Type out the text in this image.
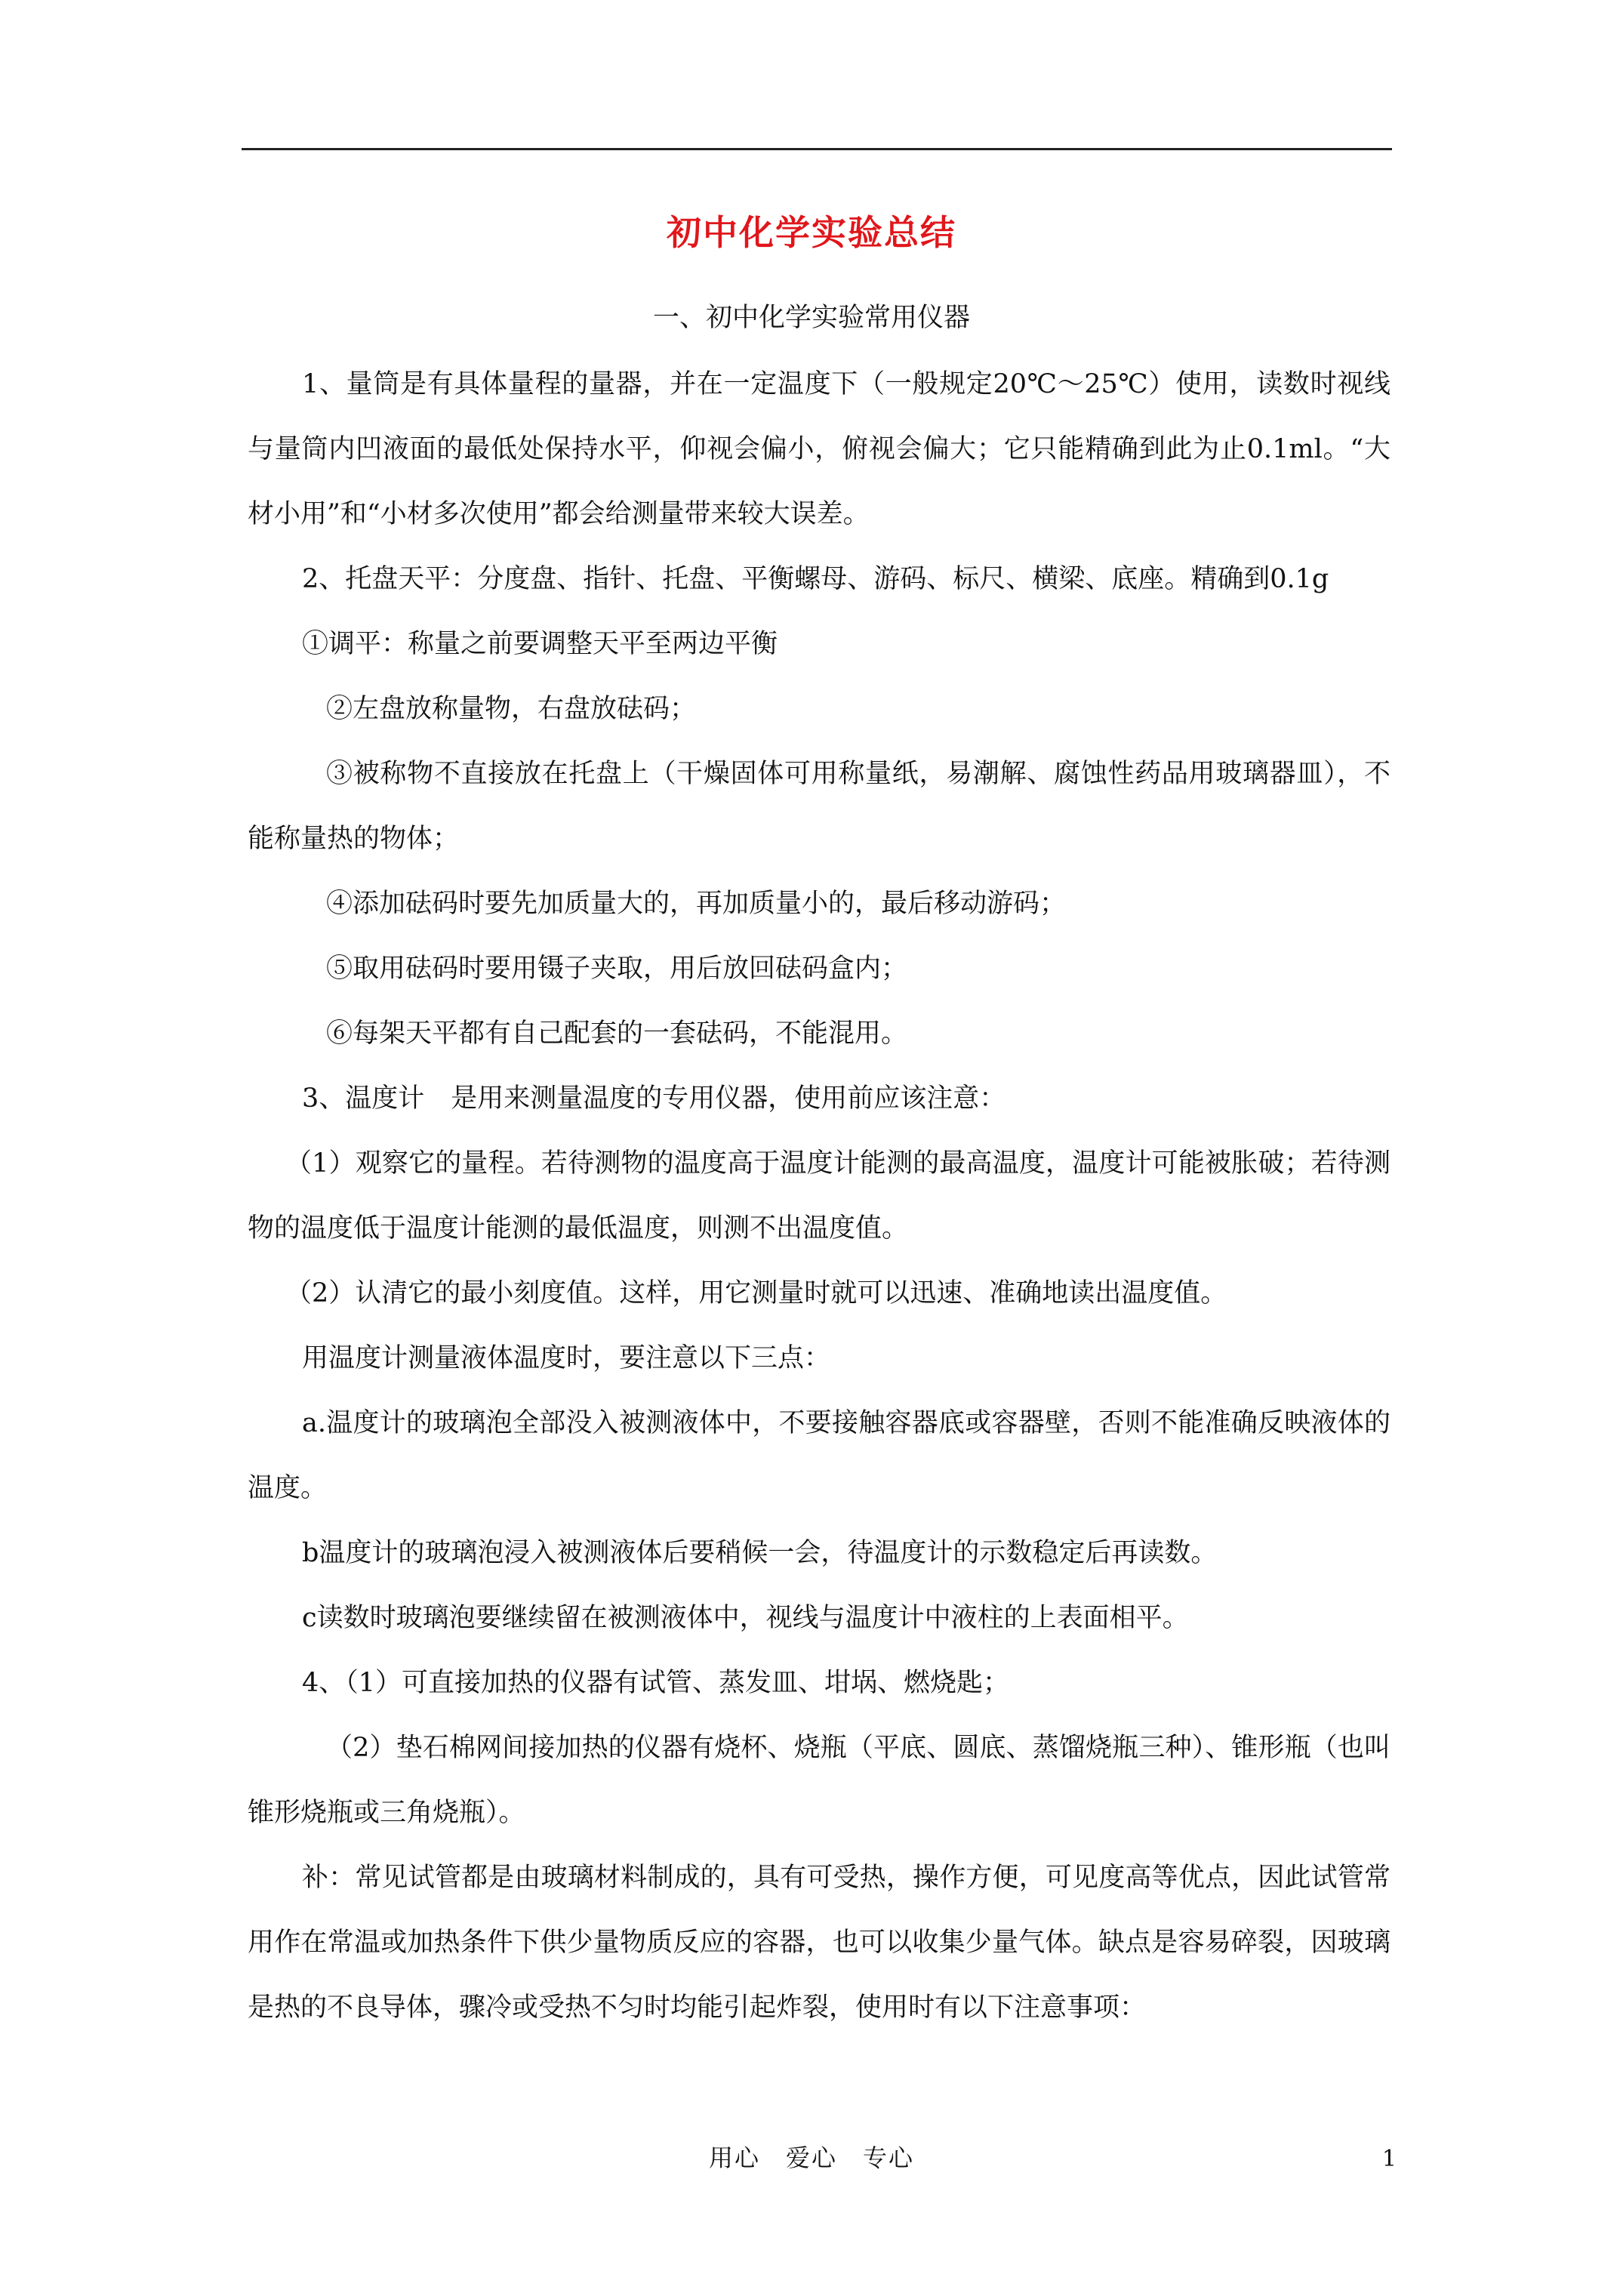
初中化学实验总结
一、初中化学实验常用仪器

1、量筒是有具体量程的量器，并在一定温度下（一般规定20℃～25℃）使用，读数时视线与量筒内凹液面的最低处保持水平，仰视会偏小，俯视会偏大；它只能精确到此为止0.1ml。“大材小用”和“小材多次使用”都会给测量带来较大误差。

2、托盘天平：分度盘、指针、托盘、平衡螺母、游码、标尺、横梁、底座。精确到0.1g

①调平：称量之前要调整天平至两边平衡

②左盘放称量物，右盘放砝码；

③被称物不直接放在托盘上（干燥固体可用称量纸，易潮解、腐蚀性药品用玻璃器皿），不能称量热的物体；

④添加砝码时要先加质量大的，再加质量小的，最后移动游码；

⑤取用砝码时要用镊子夹取，用后放回砝码盒内；

⑥每架天平都有自己配套的一套砝码，不能混用。

3、温度计　是用来测量温度的专用仪器，使用前应该注意：

（1）观察它的量程。若待测物的温度高于温度计能测的最高温度，温度计可能被胀破；若待测物的温度低于温度计能测的最低温度，则测不出温度值。

（2）认清它的最小刻度值。这样，用它测量时就可以迅速、准确地读出温度值。

用温度计测量液体温度时，要注意以下三点：

a.温度计的玻璃泡全部没入被测液体中，不要接触容器底或容器壁，否则不能准确反映液体的温度。

b温度计的玻璃泡浸入被测液体后要稍候一会，待温度计的示数稳定后再读数。

c读数时玻璃泡要继续留在被测液体中，视线与温度计中液柱的上表面相平。

4、（1）可直接加热的仪器有试管、蒸发皿、坩埚、燃烧匙；

（2）垫石棉网间接加热的仪器有烧杯、烧瓶（平底、圆底、蒸馏烧瓶三种）、锥形瓶（也叫锥形烧瓶或三角烧瓶）。

补：常见试管都是由玻璃材料制成的，具有可受热，操作方便，可见度高等优点，因此试管常用作在常温或加热条件下供少量物质反应的容器，也可以收集少量气体。缺点是容易碎裂，因玻璃是热的不良导体，骤冷或受热不匀时均能引起炸裂，使用时有以下注意事项：

用心　爱心　专心	1
